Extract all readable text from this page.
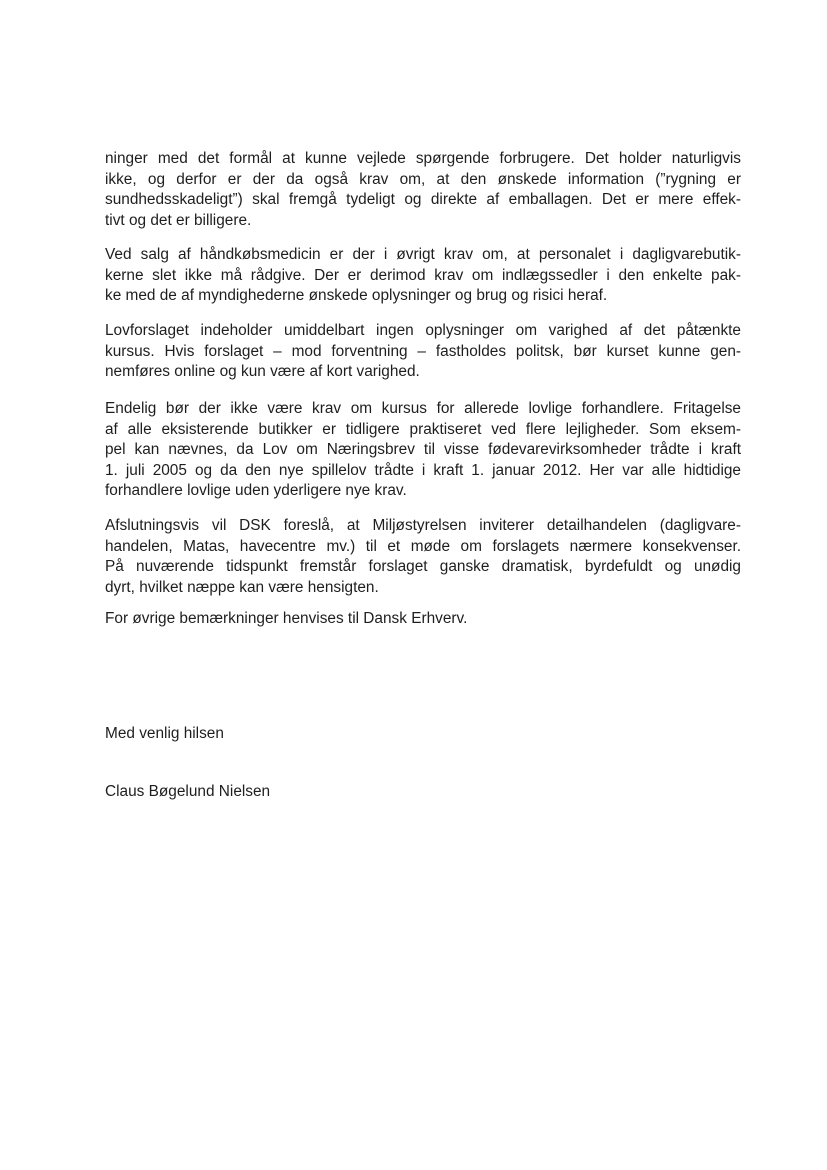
ninger med det formål at kunne vejlede spørgende forbrugere. Det holder naturligvis
ikke, og derfor er der da også krav om, at den ønskede information (”rygning er
sundhedsskadeligt”) skal fremgå tydeligt og direkte af emballagen. Det er mere effek-
tivt og det er billigere.
Ved salg af håndkøbsmedicin er der i øvrigt krav om, at personalet i dagligvarebutik-
kerne slet ikke må rådgive. Der er derimod krav om indlægssedler i den enkelte pak-
ke med de af myndighederne ønskede oplysninger og brug og risici heraf.
Lovforslaget indeholder umiddelbart ingen oplysninger om varighed af det påtænkte
kursus. Hvis forslaget – mod forventning – fastholdes politsk, bør kurset kunne gen-
nemføres online og kun være af kort varighed.
Endelig bør der ikke være krav om kursus for allerede lovlige forhandlere. Fritagelse
af alle eksisterende butikker er tidligere praktiseret ved flere lejligheder. Som eksem-
pel kan nævnes, da Lov om Næringsbrev til visse fødevarevirksomheder trådte i kraft
1. juli 2005 og da den nye spillelov trådte i kraft 1. januar 2012. Her var alle hidtidige
forhandlere lovlige uden yderligere nye krav.
Afslutningsvis vil DSK foreslå, at Miljøstyrelsen inviterer detailhandelen (dagligvare-
handelen, Matas, havecentre mv.) til et møde om forslagets nærmere konsekvenser.
På nuværende tidspunkt fremstår forslaget ganske dramatisk, byrdefuldt og unødig
dyrt, hvilket næppe kan være hensigten.
For øvrige bemærkninger henvises til Dansk Erhverv.
Med venlig hilsen
Claus Bøgelund Nielsen
